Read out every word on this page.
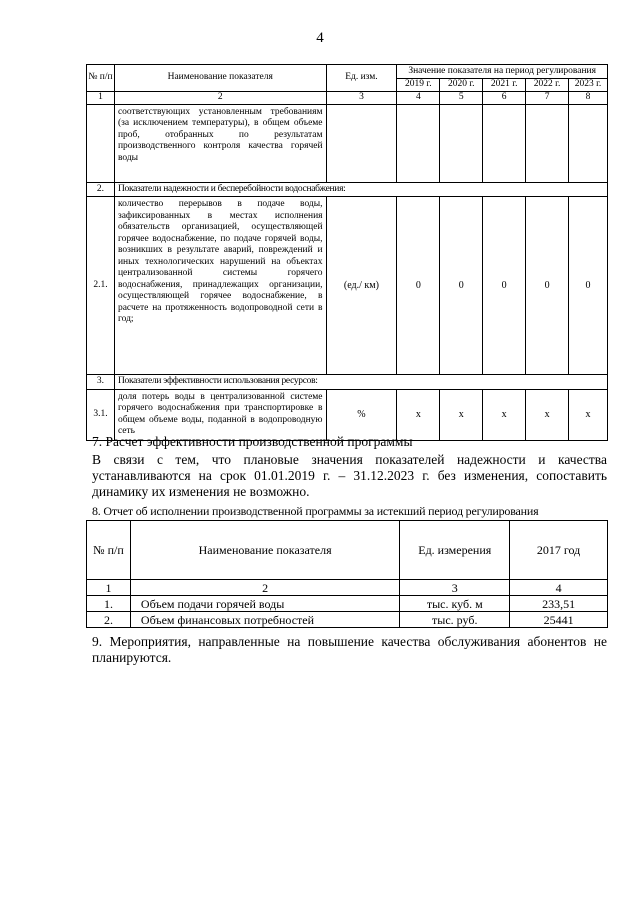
4
№ п/п	Наименование показателя	Ед. изм.	Значение показателя на период регулирования				
			2019 г.	2020 г.	2021 г.	2022 г.	2023 г.
1	2	3	4	5	6	7	8
	соответствующих установленным требованиям (за исключением температуры), в общем объеме проб, отобранных по результатам производственного контроля качества горячей воды						
2.	Показатели надежности и бесперебойности водоснабжения:						
2.1.	количество перерывов в подаче воды, зафиксированных в местах исполнения обязательств организацией, осуществляющей горячее водоснабжение, по подаче горячей воды, возникших в результате аварий, повреждений и иных технологических нарушений на объектах централизованной системы горячего водоснабжения, принадлежащих организации, осуществляющей горячее водоснабжение, в расчете на протяженность водопроводной сети в год;	(ед./ км)	0	0	0	0	0
3.	Показатели эффективности использования ресурсов:						
3.1.	доля потерь воды в централизованной системе горячего водоснабжения при транспортировке в общем объеме воды, поданной в водопроводную сеть	%	x	x	x	x	x
7. Расчет эффективности производственной программы
В связи с тем, что плановые значения показателей надежности и качества устанавливаются на срок 01.01.2019 г. – 31.12.2023 г. без изменения, сопоставить динамику их изменения не возможно.
8. Отчет об исполнении производственной программы за истекший период регулирования
№ п/п	Наименование показателя	Ед. измерения	2017 год
1	2	3	4
1.	Объем подачи горячей воды	тыс. куб. м	233,51
2.	Объем финансовых потребностей	тыс. руб.	25441
9. Мероприятия, направленные на повышение качества обслуживания абонентов не планируются.
